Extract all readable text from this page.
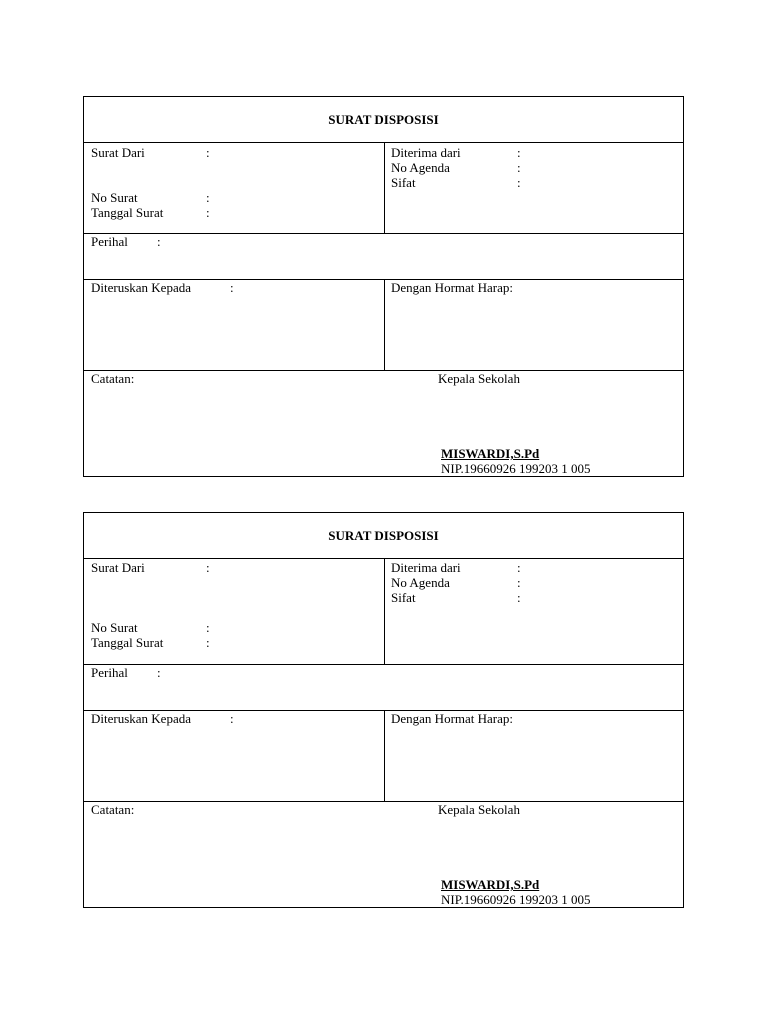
SURAT DISPOSISI
Surat Dari	:
No Surat	:
Tanggal Surat	:
Diterima dari	:
No Agenda	:
Sifat	:
Perihal :
Diteruskan Kepada	:	Dengan Hormat Harap:
Catatan:	Kepala Sekolah
MISWARDI,S.Pd
NIP.19660926 199203 1 005
SURAT DISPOSISI
Surat Dari	:
No Surat	:
Tanggal Surat	:
Diterima dari	:
No Agenda	:
Sifat	:
Perihal :
Diteruskan Kepada	:	Dengan Hormat Harap:
Catatan:	Kepala Sekolah
MISWARDI,S.Pd
NIP.19660926 199203 1 005
